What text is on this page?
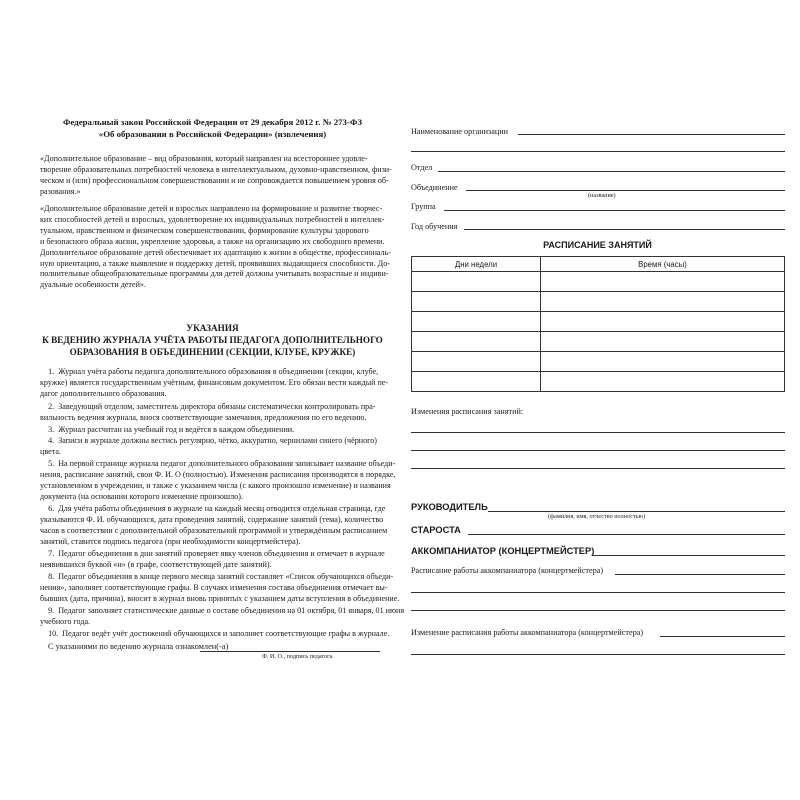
Федеральный закон Российской Федерации от 29 декабря 2012 г. № 273-ФЗ
«Об образовании в Российской Федерации» (извлечения)
«Дополнительное образование – вид образования, который направлен на всестороннее удовле-
творение образовательных потребностей человека в интеллектуальном, духовно-нравственном, физи-
ческом и (или) профессиональном совершенствовании и не сопровождается повышением уровня об-
разования.»
«Дополнительное образование детей и взрослых направлено на формирование и развитие творчес-
ких способностей детей и взрослых, удовлетворение их индивидуальных потребностей в интеллек-
туальном, нравственном и физическом совершенствовании, формирование культуры здорового
и безопасного образа жизни, укрепление здоровья, а также на организацию их свободного времени.
Дополнительное образование детей обеспечивает их адаптацию к жизни в обществе, профессиональ-
ную ориентацию, а также выявление и поддержку детей, проявивших выдающиеся способности. До-
полнительные общеобразовательные программы для детей должны учитывать возрастные и индиви-
дуальные особенности детей».
УКАЗАНИЯ
К ВЕДЕНИЮ ЖУРНАЛА УЧЁТА РАБОТЫ ПЕДАГОГА ДОПОЛНИТЕЛЬНОГО
ОБРАЗОВАНИЯ В ОБЪЕДИНЕНИИ (СЕКЦИИ, КЛУБЕ, КРУЖКЕ)
1.  Журнал учёта работы педагога дополнительного образования в объединении (секции, клубе,
кружке) является государственным учётным, финансовым документом. Его обязан вести каждый пе-
дагог дополнительного образования.
2.  Заведующий отделом, заместитель директора обязаны систематически контролировать пра-
вильность ведения журнала, внося соответствующие замечания, предложения по его ведению.
3.  Журнал рассчитан на учебный год и ведётся в каждом объединении.
4.  Записи в журнале должны вестись регулярно, чётко, аккуратно, чернилами синего (чёрного)
цвета.
5.  На первой странице журнала педагог дополнительного образования записывает название объеди-
нения, расписание занятий, свои Ф. И. О (полностью). Изменения расписания производятся в порядке,
установленном в учреждении, и также с указанием числа (с какого произошло изменение) и названия
документа (на основании которого изменение произошло).
6.  Для учёта работы объединения в журнале на каждый месяц отводится отдельная страница, где
указываются Ф. И. обучающихся, дата проведения занятий, содержание занятий (тема), количество
часов в соответствии с дополнительной образовательной программой и утверждённым расписанием
занятий, ставится подпись педагога (при необходимости концертмейстера).
7.  Педагог объединения в дни занятий проверяет явку членов объединения и отмечает в журнале
неявившихся буквой «н» (в графе, соответствующей дате занятий).
8.  Педагог объединения в конце первого месяца занятий составляет «Список обучающихся объеди-
нения», заполняет соответствующие графы. В случаях изменения состава объединения отмечает вы-
бывших (дата, причина), вносит в журнал вновь принятых с указанием даты вступления в объединение.
9.  Педагог заполняет статистические данные о составе объединения на 01 октября, 01 января, 01 июня
учебного года.
10.  Педагог ведёт учёт достижений обучающихся и заполняет соответствующие графы в журнале.
С указаниями по ведению журнала ознакомлен(-а)
Ф. И. О., подпись педагога
Наименование организации
Отдел
Объединение
(название)
Группа
Год обучения
РАСПИСАНИЕ ЗАНЯТИЙ
Дни недели	Время (часы)

Изменения расписания занятий:
РУКОВОДИТЕЛЬ
(фамилия, имя, отчество полностью)
СТАРОСТА
АККОМПАНИАТОР (КОНЦЕРТМЕЙСТЕР)
Расписание работы аккомпаниатора (концертмейстера)
Изменение расписания работы аккомпаниатора (концертмейстера)
